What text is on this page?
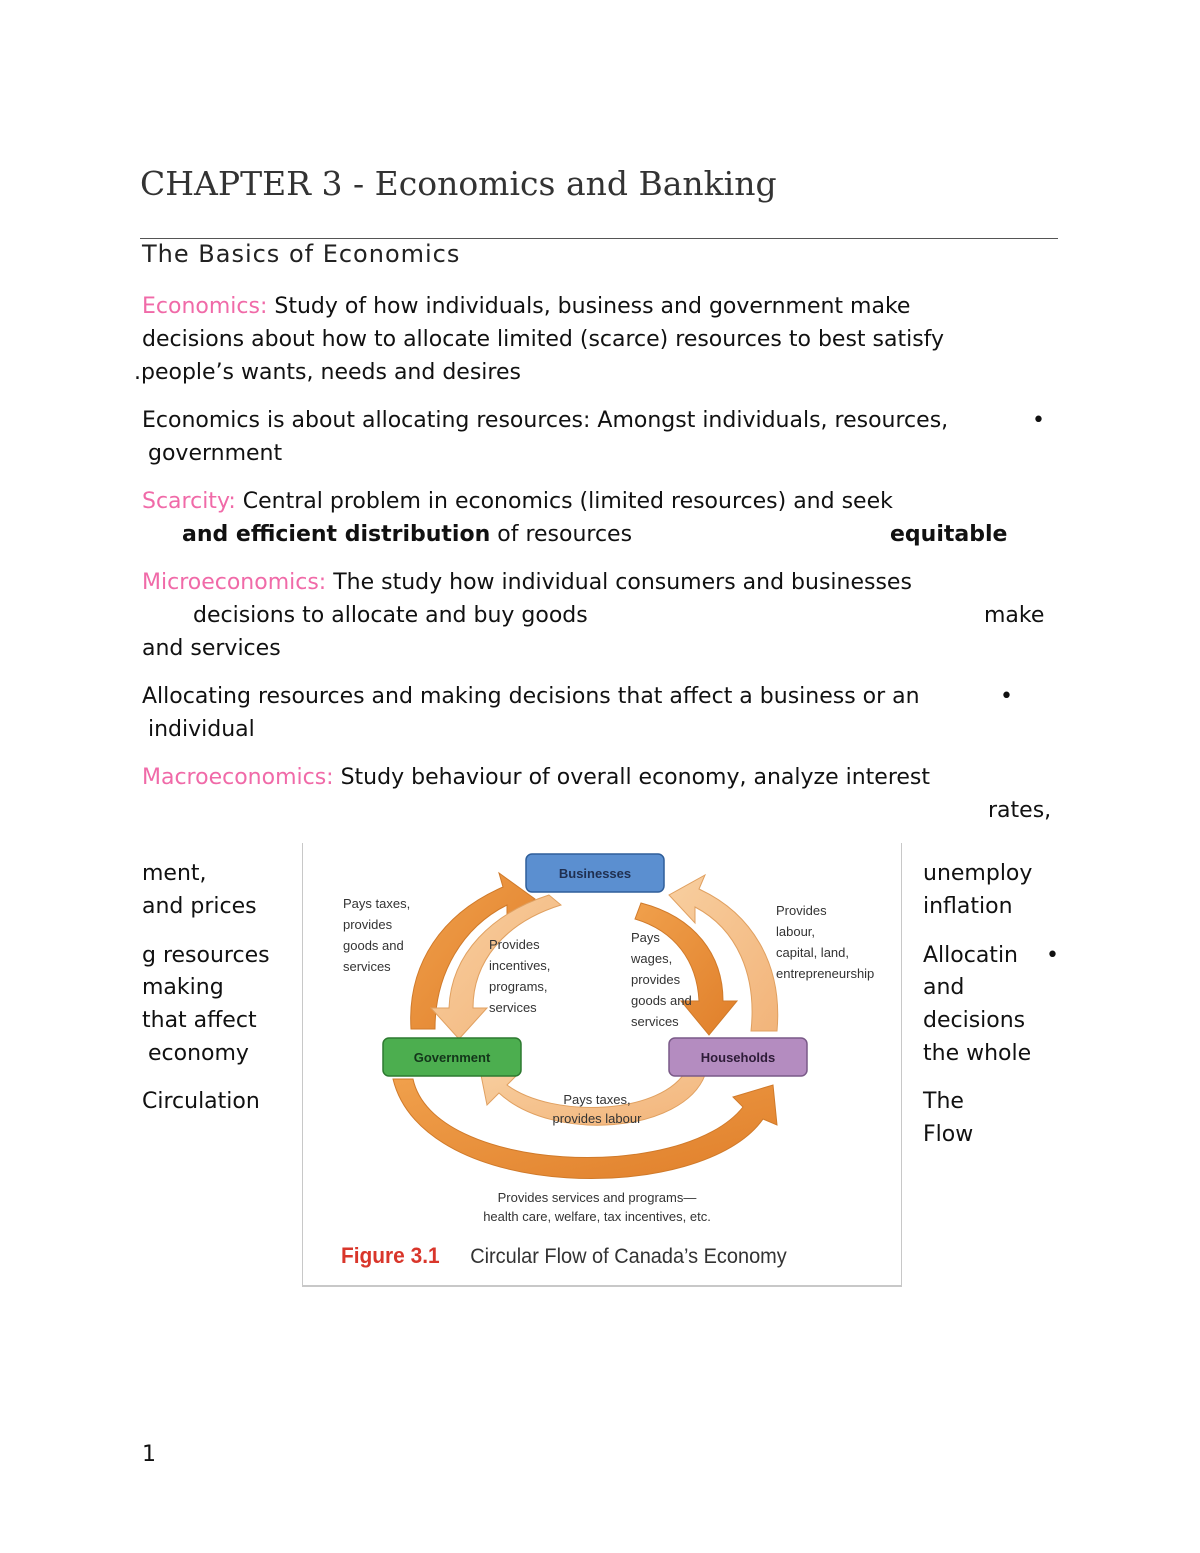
CHAPTER 3 - Economics and Banking
The Basics of Economics
Economics: Study of how individuals, business and government make
decisions about how to allocate limited (scarce) resources to best satisfy
.people’s wants, needs and desires
Economics is about allocating resources: Amongst individuals, resources,	•
government
Scarcity: Central problem in economics (limited resources) and seek
and efficient distribution of resources	equitable
Microeconomics: The study how individual consumers and businesses
decisions to allocate and buy goods	make
and services
Allocating resources and making decisions that affect a business or an	•
individual
Macroeconomics: Study behaviour of overall economy, analyze interest
rates,
ment,
and prices
g resources
making
that affect
economy
Circulation
unemploy
inflation
Allocatin •
and
decisions
the whole
The
Flow
Businesses
Government	Households
Pays taxes, provides goods and services
Provides incentives, programs, services
Pays wages, provides goods and services
Provides labour, capital, land, entrepreneurship
Pays taxes, provides labour
Provides services and programs— health care, welfare, tax incentives, etc.
Figure 3.1 Circular Flow of Canada’s Economy
1
